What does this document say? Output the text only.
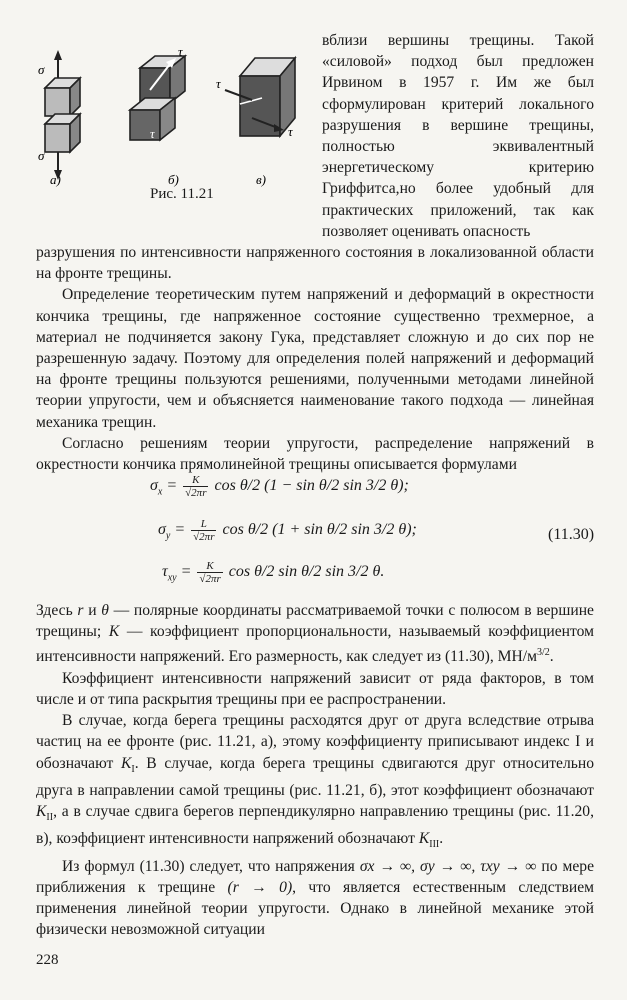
σ
σ
а)
τ
τ
б)
τ
τ
в)
Рис. 11.21
вблизи вершины трещины. Такой «силовой» подход был предложен Ирвином в 1957 г. Им же был сформулирован критерий локального разрушения в вершине трещины, полностью эквивалентный энергетическому критерию Гриффитса,но более удобный для практических приложений, так как позволяет оценивать опасность

разрушения по интенсивности напряженного состояния в локализованной области на фронте трещины.

Определение теоретическим путем напряжений и деформаций в окрестности кончика трещины, где напряженное состояние существенно трехмерное, а материал не подчиняется закону Гука, представляет сложную и до сих пор не разрешенную задачу. Поэтому для определения полей напряжений и деформаций на фронте трещины пользуются решениями, полученными методами линейной теории упругости, чем и объясняется наименование такого подхода — линейная механика трещин.

Согласно решениям теории упругости, распределение напряжений в окрестности кончика прямолинейной трещины описывается формулами

$\sigma_x = \frac{K}{√2\pi r}$ cos θ/2 (1 − sin θ/2 sin 3/2 θ);
$\sigma_y = \frac{L}{√2\pi r}$ cos θ/2 (1 + sin θ/2 sin 3/2 θ);	(11.30)
$\tau_{xy} = \frac{K}{√2\pi r}$ cos θ/2 sin θ/2 sin 3/2 θ.

Здесь r и θ — полярные координаты рассматриваемой точки с полюсом в вершине трещины; K — коэффициент пропорциональности, называемый коэффициентом интенсивности напряжений. Его размерность, как следует из (11.30), $МН/м^{3/2}$.

Коэффициент интенсивности напряжений зависит от ряда факторов, в том числе и от типа раскрытия трещины при ее распространении.

В случае, когда берега трещины расходятся друг от друга вследствие отрыва частиц на ее фронте (рис. 11.21, а), этому коэффициенту приписывают индекс I и обозначают $K_I$. В случае, когда берега трещины сдвигаются друг относительно друга в направлении самой трещины (рис. 11.21, б), этот коэффициент обозначают $K_{II}$, а в случае сдвига берегов перпендикулярно направлению трещины (рис. 11.20, в), коэффициент интенсивности напряжений обозначают $K_{III}$.

Из формул (11.30) следует, что напряжения σx → ∞, σy → ∞, τxy → ∞ по мере приближения к трещине (r → 0), что является естественным следствием применения линейной теории упругости. Однако в линейной механике этой физически невозможной ситуации

228
